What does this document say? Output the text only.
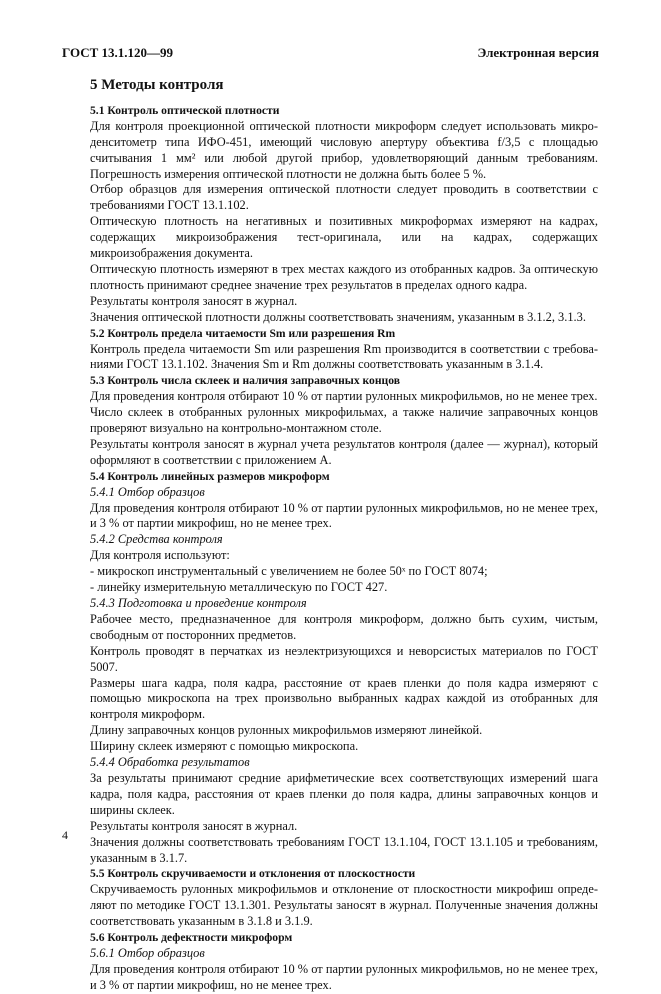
ГОСТ 13.1.120—99	Электронная версия
5 Методы контроля
5.1 Контроль оптической плотности

Для контроля проекционной оптической плотности микроформ следует использовать микро-денситометр типа ИФО-451, имеющий числовую апертуру объектива f/3,5 с площадью считывания 1 мм² или любой другой прибор, удовлетворяющий данным требованиям. Погрешность измерения оптической плотности не должна быть более 5 %.

Отбор образцов для измерения оптической плотности следует проводить в соответствии с требованиями ГОСТ 13.1.102.

Оптическую плотность на негативных и позитивных микроформах измеряют на кадрах, содержащих микроизображения тест-оригинала, или на кадрах, содержащих микроизображения документа.

Оптическую плотность измеряют в трех местах каждого из отобранных кадров. За оптическую плотность принимают среднее значение трех результатов в пределах одного кадра.

Результаты контроля заносят в журнал.

Значения оптической плотности должны соответствовать значениям, указанным в 3.1.2, 3.1.3.

5.2 Контроль предела читаемости Sm или разрешения Rm

Контроль предела читаемости Sm или разрешения Rm производится в соответствии с требова-ниями ГОСТ 13.1.102. Значения Sm и Rm должны соответствовать указанным в 3.1.4.

5.3 Контроль числа склеек и наличия заправочных концов

Для проведения контроля отбирают 10 % от партии рулонных микрофильмов, но не менее трех.

Число склеек в отобранных рулонных микрофильмах, а также наличие заправочных концов проверяют визуально на контрольно-монтажном столе.

Результаты контроля заносят в журнал учета результатов контроля (далее — журнал), который оформляют в соответствии с приложением А.

5.4 Контроль линейных размеров микроформ
5.4.1 Отбор образцов

Для проведения контроля отбирают 10 % от партии рулонных микрофильмов, но не менее трех, и 3 % от партии микрофиш, но не менее трех.

5.4.2 Средства контроля

Для контроля используют:

- микроскоп инструментальный с увеличением не более 50ˣ по ГОСТ 8074;

- линейку измерительную металлическую по ГОСТ 427.

5.4.3 Подготовка и проведение контроля

Рабочее место, предназначенное для контроля микроформ, должно быть сухим, чистым, свободным от посторонних предметов.

Контроль проводят в перчатках из неэлектризующихся и неворсистых материалов по ГОСТ 5007.

Размеры шага кадра, поля кадра, расстояние от краев пленки до поля кадра измеряют с помощью микроскопа на трех произвольно выбранных кадрах каждой из отобранных для контроля микроформ.

Длину заправочных концов рулонных микрофильмов измеряют линейкой.

Ширину склеек измеряют с помощью микроскопа.

5.4.4 Обработка результатов

За результаты принимают средние арифметические всех соответствующих измерений шага кадра, поля кадра, расстояния от краев пленки до поля кадра, длины заправочных концов и ширины склеек.

Результаты контроля заносят в журнал.

Значения должны соответствовать требованиям ГОСТ 13.1.104, ГОСТ 13.1.105 и требованиям, указанным в 3.1.7.

5.5 Контроль скручиваемости и отклонения от плоскостности

Скручиваемость рулонных микрофильмов и отклонение от плоскостности микрофиш опреде-ляют по методике ГОСТ 13.1.301. Результаты заносят в журнал. Полученные значения должны соответствовать указанным в 3.1.8 и 3.1.9.

5.6 Контроль дефектности микроформ
5.6.1 Отбор образцов

Для проведения контроля отбирают 10 % от партии рулонных микрофильмов, но не менее трех, и 3 % от партии микрофиш, но не менее трех.

4
